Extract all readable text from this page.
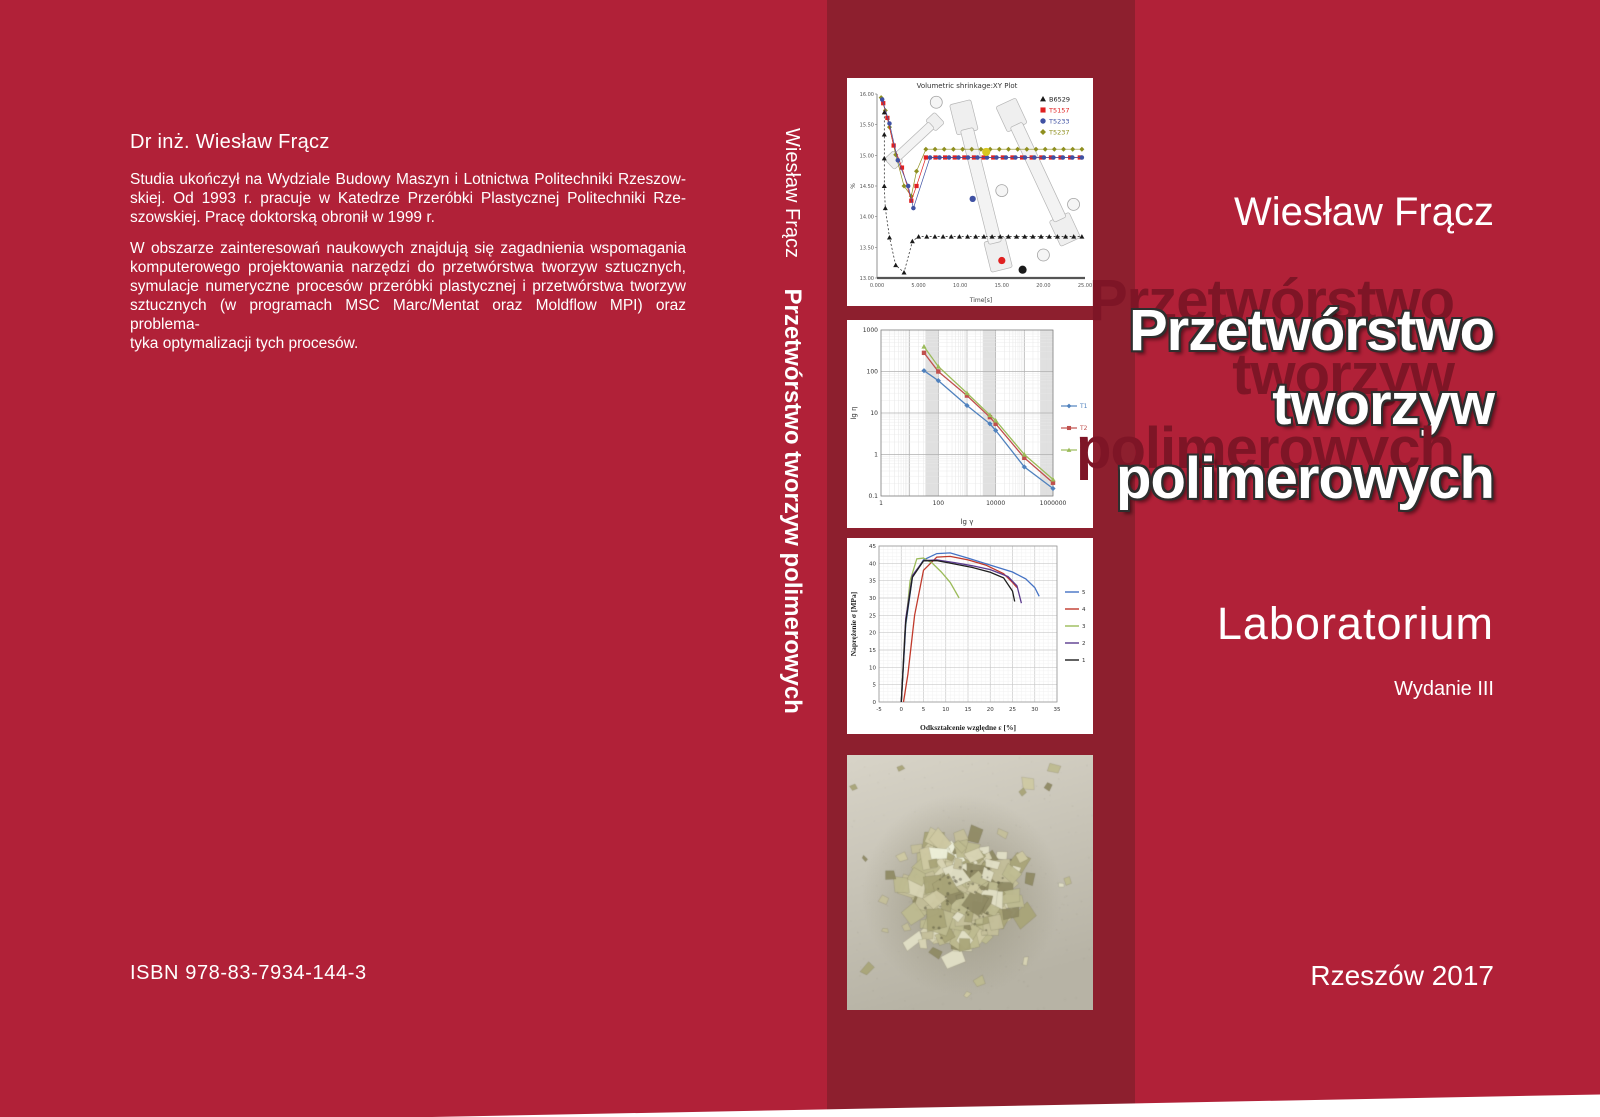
Dr inż. Wiesław Frącz
Studia ukończył na Wydziale Budowy Maszyn i Lotnictwa Politechniki Rzeszow-
skiej. Od 1993 r. pracuje w Katedrze Przeróbki Plastycznej Politechniki Rze-
szowskiej. Pracę doktorską obronił w 1999 r.
W obszarze zainteresowań naukowych znajdują się zagadnienia wspomagania
komputerowego projektowania narzędzi do przetwórstwa tworzyw sztucznych,
symulacje numeryczne procesów przeróbki plastycznej i przetwórstwa tworzyw
sztucznych (w programach MSC Marc/Mentat oraz Moldflow MPI) oraz problema-
tyka optymalizacji tych procesów.
ISBN 978-83-7934-144-3
Wiesław Frącz Przetwórstwo tworzyw polimerowych
Volumetric shrinkage:XY Plot
16.00
15.50
15.00
14.50
14.00
13.50
13.00
0.000	5.000	10.00	15.00	20.00	25.00
Time[s]
%
B6529
T5157
T5233
T5237
1000
100
10
1
0.1
1	100	10000	1000000
lg γ
lg η	T1
T2
T3
-5	0	5	10	15	20	25	30	35
0
5
10
15
20
25
30
35
40
45
Odkształcenie względne ε [%]
Naprężenie σ [MPa]	5
4
3
2
1
Wiesław Frącz
Przetwórstwo
tworzyw
polimerowych
Laboratorium
Wydanie III
Rzeszów 2017
